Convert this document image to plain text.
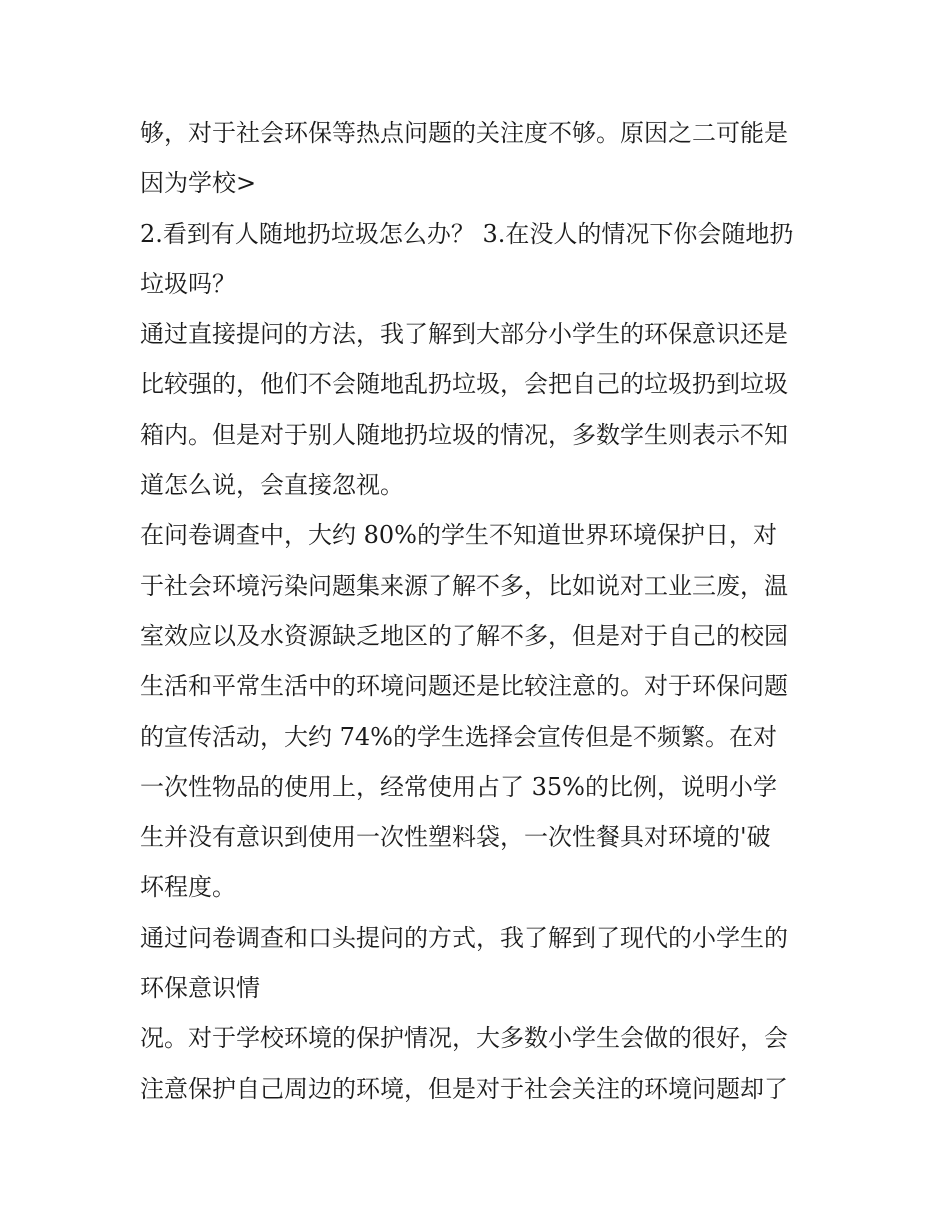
够，对于社会环保等热点问题的关注度不够。原因之二可能是
因为学校>
2.看到有人随地扔垃圾怎么办？ 3.在没人的情况下你会随地扔
垃圾吗？
通过直接提问的方法，我了解到大部分小学生的环保意识还是
比较强的，他们不会随地乱扔垃圾，会把自己的垃圾扔到垃圾
箱内。但是对于别人随地扔垃圾的情况，多数学生则表示不知
道怎么说，会直接忽视。
在问卷调查中，大约 80%的学生不知道世界环境保护日，对
于社会环境污染问题集来源了解不多，比如说对工业三废，温
室效应以及水资源缺乏地区的了解不多，但是对于自己的校园
生活和平常生活中的环境问题还是比较注意的。对于环保问题
的宣传活动，大约 74%的学生选择会宣传但是不频繁。在对
一次性物品的使用上，经常使用占了 35%的比例，说明小学
生并没有意识到使用一次性塑料袋，一次性餐具对环境的'破
坏程度。
通过问卷调查和口头提问的方式，我了解到了现代的小学生的
环保意识情
况。对于学校环境的保护情况，大多数小学生会做的很好，会
注意保护自己周边的环境，但是对于社会关注的环境问题却了
